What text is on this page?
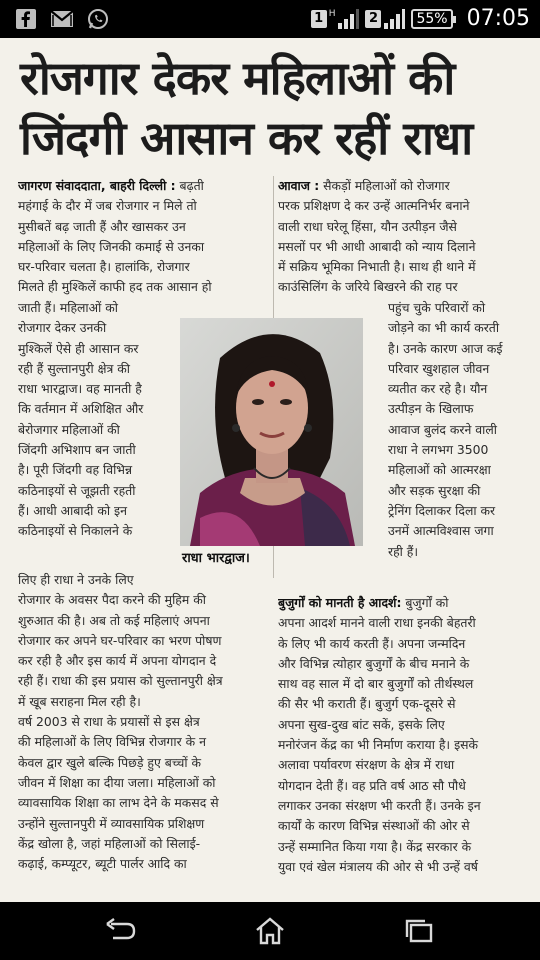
1 H	2	55% 07:05
रोजगार देकर महिलाओं की
जिंदगी आसान कर रहीं राधा
जागरण संवाददाता, बाहरी दिल्ली : बढ़ती
महंगाई के दौर में जब रोजगार न मिले तो
मुसीबतें बढ़ जाती हैं और खासकर उन
महिलाओं के लिए जिनकी कमाई से उनका
घर-परिवार चलता है। हालांकि, रोजगार
मिलते ही मुश्किलें काफी हद तक आसान हो
जाती हैं। महिलाओं को
रोजगार देकर उनकी
मुश्किलें ऐसे ही आसान कर
रही हैं सुल्तानपुरी क्षेत्र की
राधा भारद्वाज। वह मानती है
कि वर्तमान में अशिक्षित और
बेरोजगार महिलाओं की
जिंदगी अभिशाप बन जाती
है। पूरी जिंदगी वह विभिन्न
कठिनाइयों से जूझती रहती
हैं। आधी आबादी को इन
कठिनाइयों से निकालने के
लिए ही राधा ने उनके लिए
रोजगार के अवसर पैदा करने की मुहिम की
शुरुआत की है। अब तो कई महिलाएं अपना
रोजगार कर अपने घर-परिवार का भरण पोषण
कर रही है और इस कार्य में अपना योगदान दे
रही हैं। राधा की इस प्रयास को सुल्तानपुरी क्षेत्र
में खूब सराहना मिल रही है।
वर्ष 2003 से राधा के प्रयासों से इस क्षेत्र
की महिलाओं के लिए विभिन्न रोजगार के न
केवल द्वार खुले बल्कि पिछड़े हुए बच्चों के
जीवन में शिक्षा का दीया जला। महिलाओं को
व्यावसायिक शिक्षा का लाभ देने के मकसद से
उन्होंने सुल्तानपुरी में व्यावसायिक प्रशिक्षण
केंद्र खोला है, जहां महिलाओं को सिलाई-
कढ़ाई, कम्प्यूटर, ब्यूटी पार्लर आदि का
राधा भारद्वाज।
आवाज : सैकड़ों महिलाओं को रोजगार
परक प्रशिक्षण दे कर उन्हें आत्मनिर्भर बनाने
वाली राधा घरेलू हिंसा, यौन उत्पीड़न जैसे
मसलों पर भी आधी आबादी को न्याय दिलाने
में सक्रिय भूमिका निभाती है। साथ ही थाने में
काउंसिलिंग के जरिये बिखरने की राह पर
पहुंच चुके परिवारों को
जोड़ने का भी कार्य करती
है। उनके कारण आज कई
परिवार खुशहाल जीवन
व्यतीत कर रहे है। यौन
उत्पीड़न के खिलाफ
आवाज बुलंद करने वाली
राधा ने लगभग 3500
महिलाओं को आत्मरक्षा
और सड़क सुरक्षा की
ट्रेनिंग दिलाकर दिला कर
उनमें आत्मविश्वास जगा
रही हैं।
बुजुर्गों को मानती है आदर्श: बुजुर्गों को
अपना आदर्श मानने वाली राधा इनकी बेहतरी
के लिए भी कार्य करती हैं। अपना जन्मदिन
और विभिन्न त्योहार बुजुर्गों के बीच मनाने के
साथ वह साल में दो बार बुजुर्गों को तीर्थस्थल
की सैर भी कराती हैं। बुजुर्ग एक-दूसरे से
अपना सुख-दुख बांट सकें, इसके लिए
मनोरंजन केंद्र का भी निर्माण कराया है। इसके
अलावा पर्यावरण संरक्षण के क्षेत्र में राधा
योगदान देती हैं। वह प्रति वर्ष आठ सौ पौधे
लगाकर उनका संरक्षण भी करती हैं। उनके इन
कार्यों के कारण विभिन्न संस्थाओं की ओर से
उन्हें सम्मानित किया गया है। केंद्र सरकार के
युवा एवं खेल मंत्रालय की ओर से भी उन्हें वर्ष
